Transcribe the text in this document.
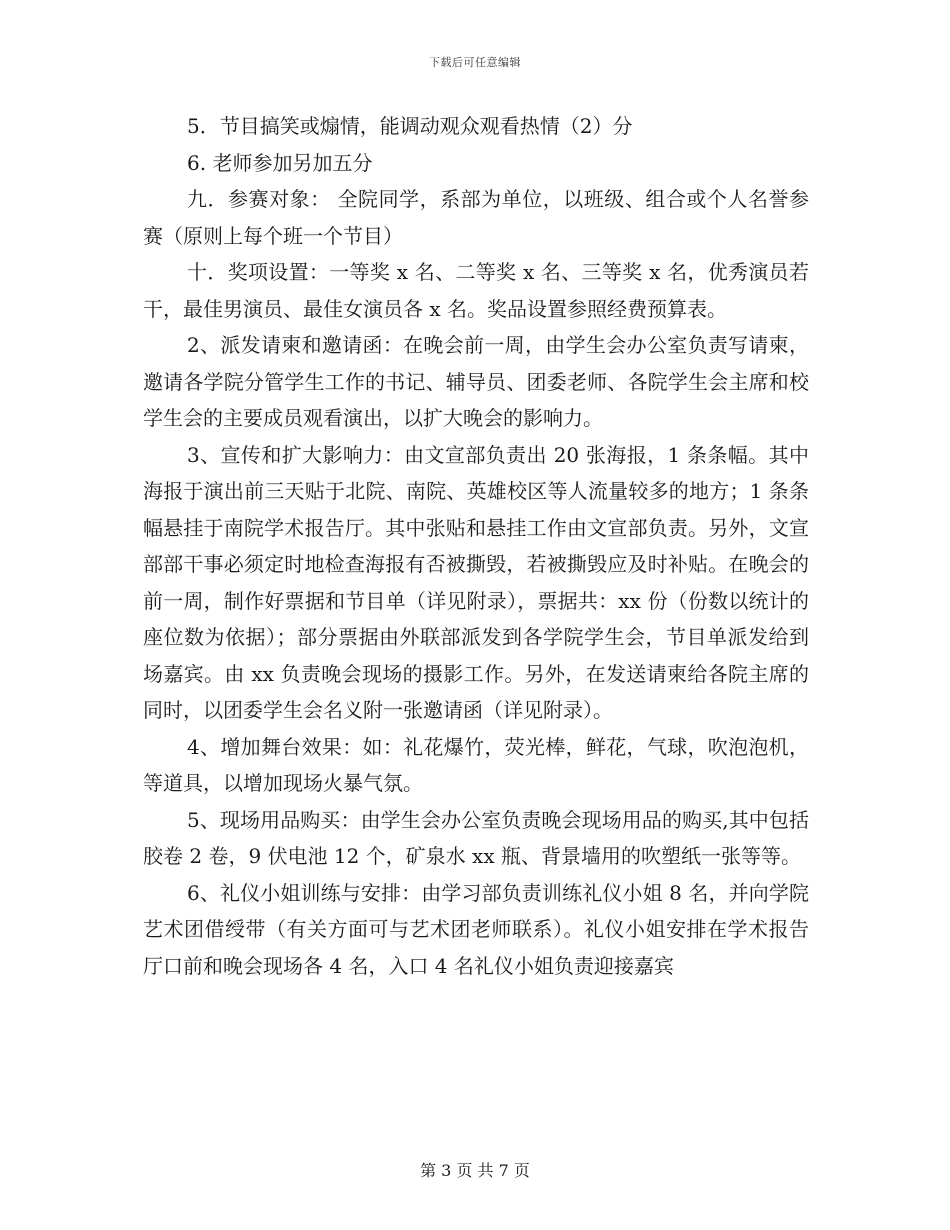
下载后可任意编辑

5．节目搞笑或煽情，能调动观众观看热情（2）分

6. 老师参加另加五分

九．参赛对象： 全院同学，系部为单位，以班级、组合或个人名誉参赛（原则上每个班一个节目）

十．奖项设置：一等奖 x 名、二等奖 x 名、三等奖 x 名，优秀演员若干，最佳男演员、最佳女演员各 x 名。奖品设置参照经费预算表。

2、派发请柬和邀请函：在晚会前一周，由学生会办公室负责写请柬，邀请各学院分管学生工作的书记、辅导员、团委老师、各院学生会主席和校学生会的主要成员观看演出，以扩大晚会的影响力。

3、宣传和扩大影响力：由文宣部负责出 20 张海报，1 条条幅。其中海报于演出前三天贴于北院、南院、英雄校区等人流量较多的地方；1 条条幅悬挂于南院学术报告厅。其中张贴和悬挂工作由文宣部负责。另外，文宣部部干事必须定时地检查海报有否被撕毁，若被撕毁应及时补贴。在晚会的前一周，制作好票据和节目单（详见附录），票据共：xx 份（份数以统计的座位数为依据）；部分票据由外联部派发到各学院学生会，节目单派发给到场嘉宾。由 xx 负责晚会现场的摄影工作。另外，在发送请柬给各院主席的同时，以团委学生会名义附一张邀请函（详见附录）。

4、增加舞台效果：如：礼花爆竹，荧光棒，鲜花，气球，吹泡泡机，等道具，以增加现场火暴气氛。

5、现场用品购买：由学生会办公室负责晚会现场用品的购买,其中包括胶卷 2 卷，9 伏电池 12 个，矿泉水 xx 瓶、背景墙用的吹塑纸一张等等。

6、礼仪小姐训练与安排：由学习部负责训练礼仪小姐 8 名，并向学院艺术团借绶带（有关方面可与艺术团老师联系）。礼仪小姐安排在学术报告厅口前和晚会现场各 4 名，入口 4 名礼仪小姐负责迎接嘉宾

第 3 页 共 7 页
